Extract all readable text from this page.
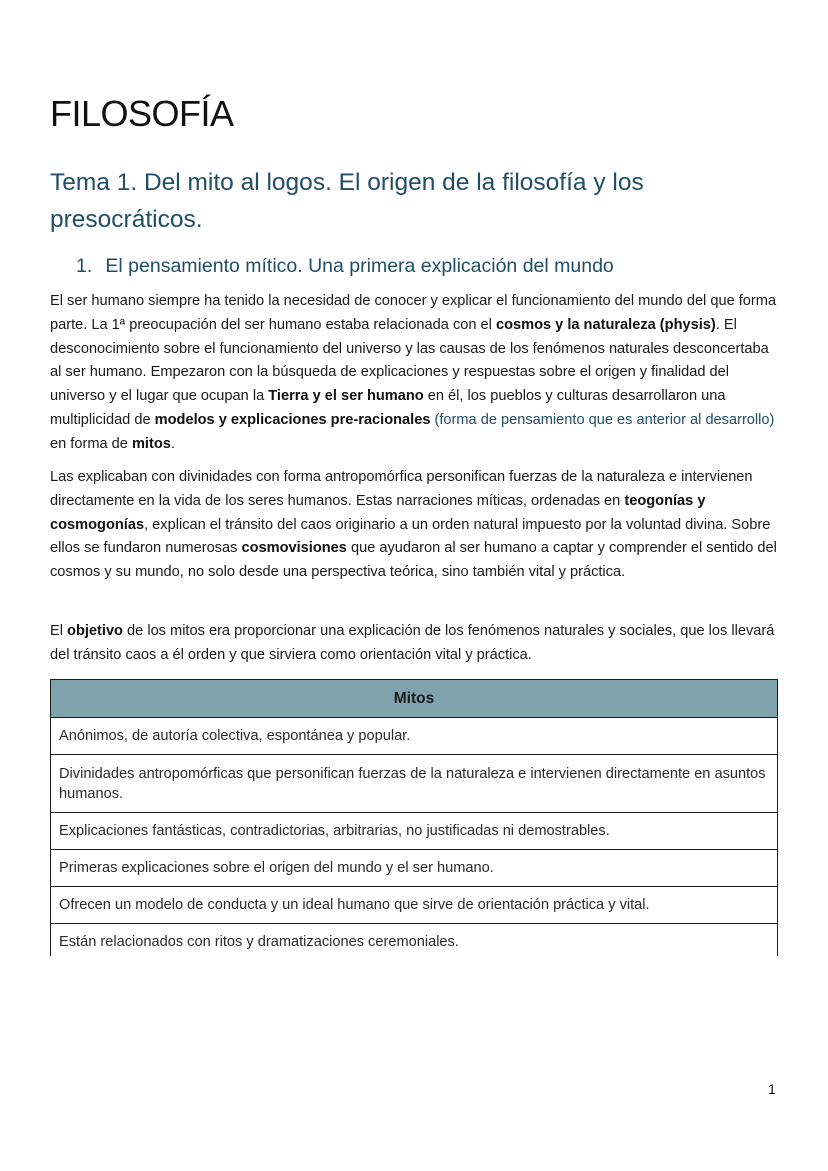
FILOSOFÍA
Tema 1. Del mito al logos. El origen de la filosofía y los presocráticos.
1. El pensamiento mítico. Una primera explicación del mundo

El ser humano siempre ha tenido la necesidad de conocer y explicar el funcionamiento del mundo del que forma parte. La 1ª preocupación del ser humano estaba relacionada con el cosmos y la naturaleza (physis). El desconocimiento sobre el funcionamiento del universo y las causas de los fenómenos naturales desconcertaba al ser humano. Empezaron con la búsqueda de explicaciones y respuestas sobre el origen y finalidad del universo y el lugar que ocupan la Tierra y el ser humano en él, los pueblos y culturas desarrollaron una multiplicidad de modelos y explicaciones pre-racionales (forma de pensamiento que es anterior al desarrollo) en forma de mitos.

Las explicaban con divinidades con forma antropomórfica personifican fuerzas de la naturaleza e intervienen directamente en la vida de los seres humanos. Estas narraciones míticas, ordenadas en teogonías y cosmogonías, explican el tránsito del caos originario a un orden natural impuesto por la voluntad divina. Sobre ellos se fundaron numerosas cosmovisiones que ayudaron al ser humano a captar y comprender el sentido del cosmos y su mundo, no solo desde una perspectiva teórica, sino también vital y práctica.

El objetivo de los mitos era proporcionar una explicación de los fenómenos naturales y sociales, que los llevará del tránsito caos a él orden y que sirviera como orientación vital y práctica.

Mitos
Anónimos, de autoría colectiva, espontánea y popular.
Divinidades antropomórficas que personifican fuerzas de la naturaleza e intervienen directamente en asuntos humanos.
Explicaciones fantásticas, contradictorias, arbitrarias, no justificadas ni demostrables.
Primeras explicaciones sobre el origen del mundo y el ser humano.
Ofrecen un modelo de conducta y un ideal humano que sirve de orientación práctica y vital.
Están relacionados con ritos y dramatizaciones ceremoniales.
1
